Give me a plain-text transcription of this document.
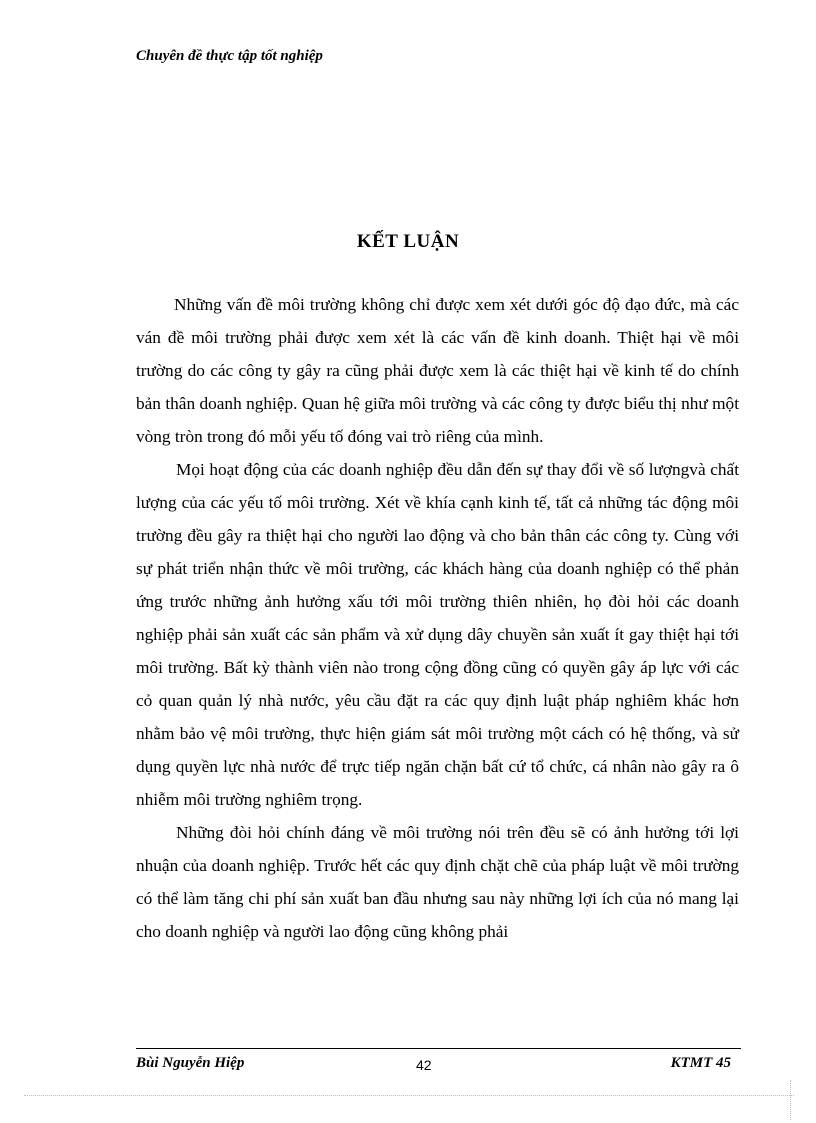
Chuyên đề thực tập tốt nghiệp
KẾT LUẬN

Những vấn đề môi trường không chỉ được xem xét dưới góc độ đạo đức, mà các ván đề môi trường phải được xem xét là các vấn đề kinh doanh. Thiệt hại về môi trường do các công ty gây ra cũng phải được xem là các thiệt hại về kinh tế do chính bản thân doanh nghiệp. Quan hệ giữa môi trường và các công ty được biểu thị như một vòng tròn trong đó mỗi yếu tố đóng vai trò riêng của mình.

Mọi hoạt động của các doanh nghiệp đều dẫn đến sự thay đổi về số lượngvà chất lượng của các yếu tố môi trường. Xét về khía cạnh kinh tế, tất cả những tác động môi trường đều gây ra thiệt hại cho người lao động và cho bản thân các công ty. Cùng với sự phát triển nhận thức về môi trường, các khách hàng của doanh nghiệp có thể phản ứng trước những ảnh hưởng xấu tới môi trường thiên nhiên, họ đòi hỏi các doanh nghiệp phải sản xuất các sản phẩm và xử dụng dây chuyền sản xuất ít gay thiệt hại tới môi trường. Bất kỳ thành viên nào trong cộng đồng cũng có quyền gây áp lực với các cỏ quan quản lý nhà nước, yêu cầu đặt ra các quy định luật pháp nghiêm khác hơn nhằm bảo vệ môi trường, thực hiện giám sát môi trường một cách có hệ thống, và sử dụng quyền lực nhà nước để trực tiếp ngăn chặn bất cứ tổ chức, cá nhân nào gây ra ô nhiễm môi trường nghiêm trọng.

Những đòi hỏi chính đáng về môi trường nói trên đều sẽ có ảnh hưởng tới lợi nhuận của doanh nghiệp. Trước hết các quy định chặt chẽ của pháp luật về môi trường có thể làm tăng chi phí sản xuất ban đầu nhưng sau này những lợi ích của nó mang lại cho doanh nghiệp và người lao động cũng không phải

Bùi Nguyễn Hiệp	42	KTMT 45
